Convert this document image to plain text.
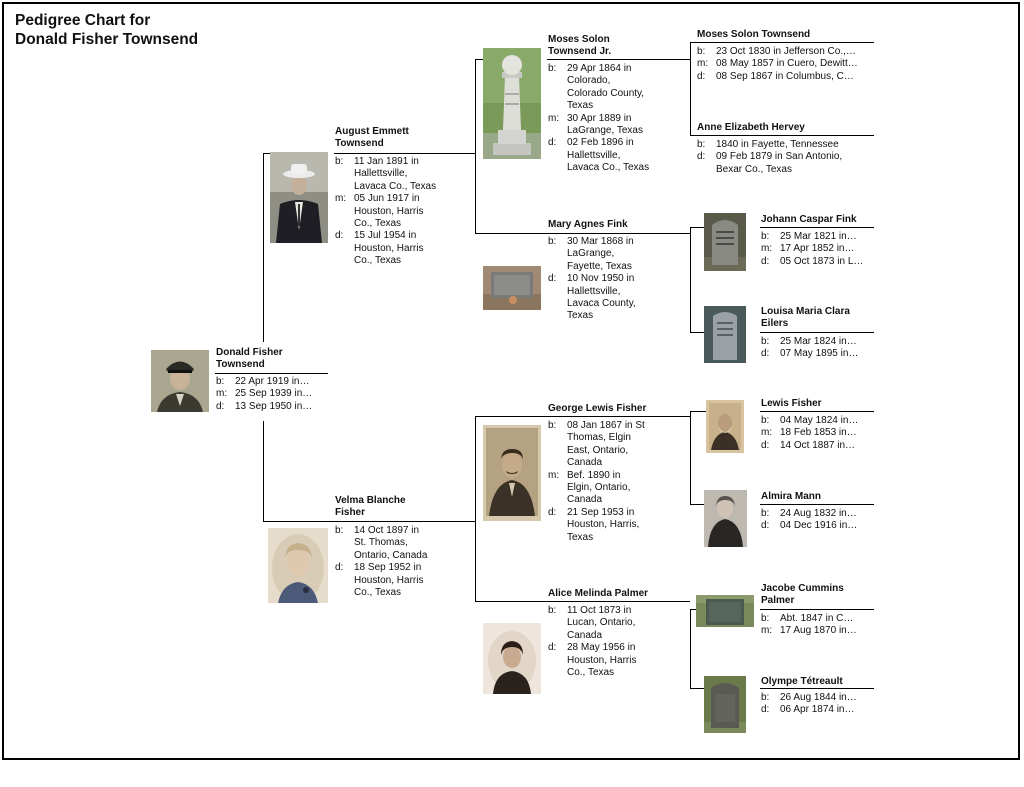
Pedigree Chart for
Donald Fisher Townsend
Donald Fisher Townsend
b:	22 Apr 1919 in…
m: 25 Sep 1939 in…
d:	13 Sep 1950 in…
August Emmett Townsend
b:	11 Jan 1891 in
Hallettsville,
Lavaca Co., Texas
m: 05 Jun 1917 in
Houston, Harris
Co., Texas
d:	15 Jul 1954 in
Houston, Harris
Co., Texas
Velma Blanche Fisher
b:	14 Oct 1897 in
St. Thomas,
Ontario, Canada
d:	18 Sep 1952 in
Houston, Harris
Co., Texas
Moses Solon Townsend Jr.
b:	29 Apr 1864 in
Colorado,
Colorado County,
Texas
m: 30 Apr 1889 in
LaGrange, Texas
d:	02 Feb 1896 in
Hallettsville,
Lavaca Co., Texas
Mary Agnes Fink
b:	30 Mar 1868 in
LaGrange,
Fayette, Texas
d:	10 Nov 1950 in
Hallettsville,
Lavaca County,
Texas
George Lewis Fisher
b:	08 Jan 1867 in St
Thomas, Elgin
East, Ontario,
Canada
m: Bef. 1890 in
Elgin, Ontario,
Canada
d:	21 Sep 1953 in
Houston, Harris,
Texas
Alice Melinda Palmer
b:	11 Oct 1873 in
Lucan, Ontario,
Canada
d:	28 May 1956 in
Houston, Harris
Co., Texas
Moses Solon Townsend
b:	23 Oct 1830 in Jefferson Co.,…
m: 08 May 1857 in Cuero, Dewitt…
d:	08 Sep 1867 in Columbus, C…
Anne Elizabeth Hervey
b:	1840 in Fayette, Tennessee
d:	09 Feb 1879 in San Antonio,
Bexar Co., Texas
Johann Caspar Fink
b:	25 Mar 1821 in…
m: 17 Apr 1852 in…
d:	05 Oct 1873 in L…
Louisa Maria Clara Eilers
b:	25 Mar 1824 in…
d:	07 May 1895 in…
Lewis Fisher
b:	04 May 1824 in…
m: 18 Feb 1853 in…
d:	14 Oct 1887 in…
Almira Mann
b:	24 Aug 1832 in…
d:	04 Dec 1916 in…
Jacobe Cummins Palmer
b:	Abt. 1847 in C…
m: 17 Aug 1870 in…
Olympe Tétreault
b:	26 Aug 1844 in…
d:	06 Apr 1874 in…
